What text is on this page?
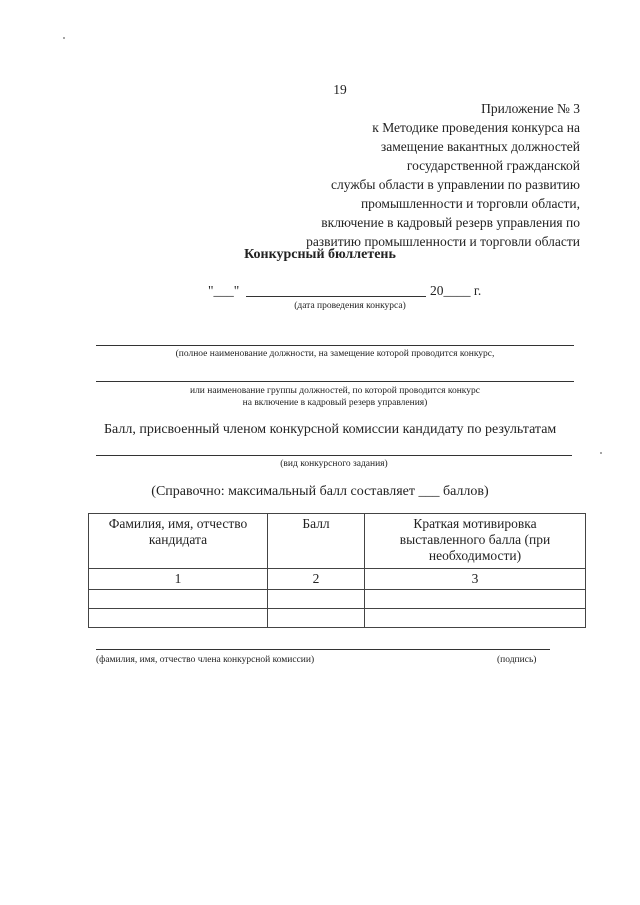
19
Приложение № 3
к Методике проведения конкурса на
замещение вакантных должностей
государственной гражданской
службы области в управлении по развитию
промышленности и торговли области,
включение в кадровый резерв управления по
развитию промышленности и торговли области
Конкурсный бюллетень
"___"	20____ г.
(дата проведения конкурса)
(полное наименование должности, на замещение которой проводится конкурс,
или наименование группы должностей, по которой проводится конкурс
на включение в кадровый резерв управления)
Балл, присвоенный членом конкурсной комиссии кандидату по результатам
(вид конкурсного задания)
(Справочно: максимальный балл составляет ___ баллов)
Фамилия, имя, отчество кандидата	Балл	Краткая мотивировка выставленного балла (при необходимости)
1	2	3

(фамилия, имя, отчество члена конкурсной комиссии)	(подпись)
